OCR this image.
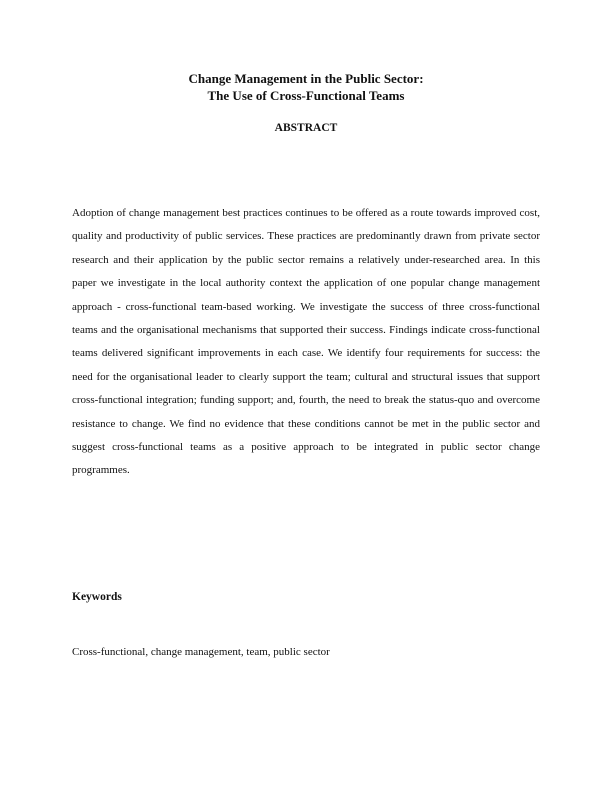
Change Management in the Public Sector:
The Use of Cross-Functional Teams
ABSTRACT

Adoption of change management best practices continues to be offered as a route towards improved cost, quality and productivity of public services. These practices are predominantly drawn from private sector research and their application by the public sector remains a relatively under-researched area. In this paper we investigate in the local authority context the application of one popular change management approach - cross-functional team-based working. We investigate the success of three cross-functional teams and the organisational mechanisms that supported their success. Findings indicate cross-functional teams delivered significant improvements in each case. We identify four requirements for success: the need for the organisational leader to clearly support the team; cultural and structural issues that support cross-functional integration; funding support; and, fourth, the need to break the status-quo and overcome resistance to change. We find no evidence that these conditions cannot be met in the public sector and suggest cross-functional teams as a positive approach to be integrated in public sector change programmes.

Keywords
Cross-functional, change management, team, public sector
